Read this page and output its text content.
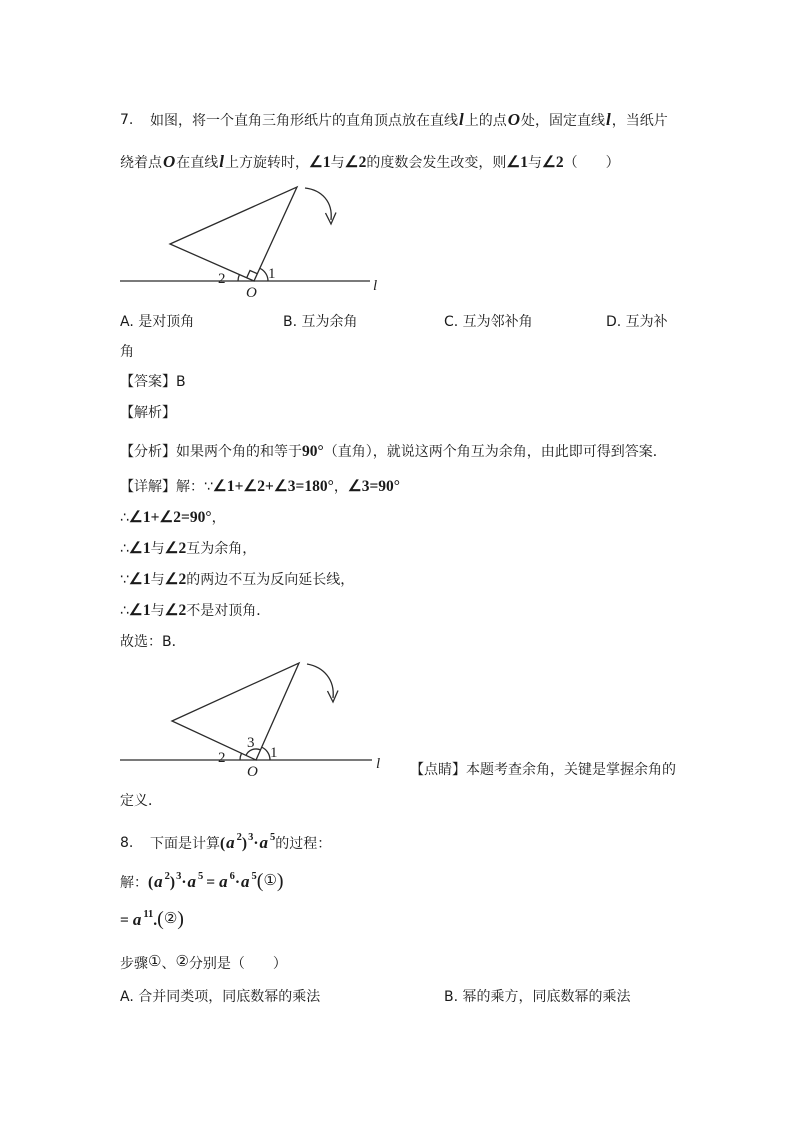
7. 如图，将一个直角三角形纸片的直角顶点放在直线l上的点O处，固定直线l，当纸片
绕着点O在直线l上方旋转时，∠1与∠2的度数会发生改变，则∠1与∠2（　　）
2	1
O	l
A. 是对顶角	B. 互为余角	C. 互为邻补角	D. 互为补
角
【答案】B
【解析】
【分析】如果两个角的和等于90°（直角），就说这两个角互为余角，由此即可得到答案．
【详解】解：∵∠1+∠2+∠3=180°，∠3=90°
∴∠1+∠2=90°，
∴∠1与∠2互为余角，
∵∠1与∠2的两边不互为反向延长线，
∴∠1与∠2不是对顶角．
故选：B．
3
2	1
O	l 【点睛】本题考查余角，关键是掌握余角的
定义．
8. 下面是计算(a $^2$)$^3$·a $^5$的过程：
解：(a $^2$)$^3$·a $^5$ = a $^6$·a $^5$(①)
= a $^{11}$.(②)
步骤①、②分别是（　　）
A. 合并同类项，同底数幂的乘法	B. 幂的乘方，同底数幂的乘法
